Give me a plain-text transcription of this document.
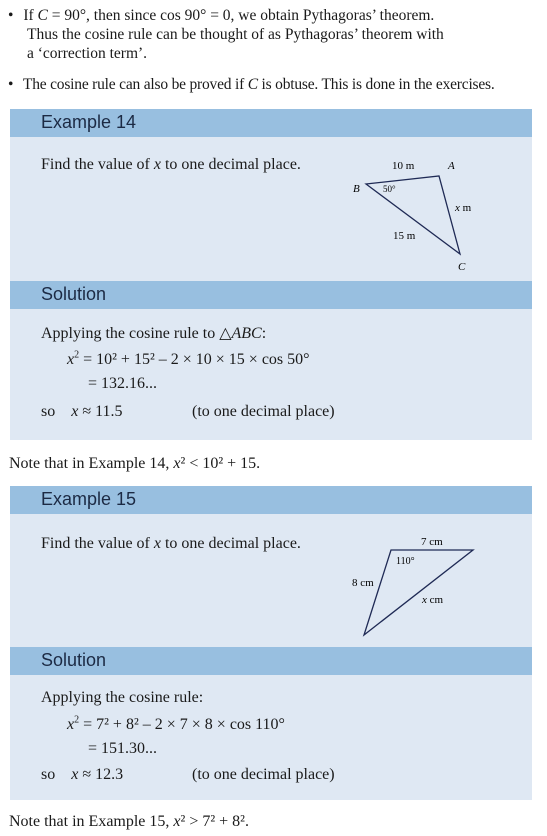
• If C = 90°, then since cos 90° = 0, we obtain Pythagoras’ theorem.
Thus the cosine rule can be thought of as Pythagoras’ theorem with
a ‘correction term’.
• The cosine rule can also be proved if C is obtuse. This is done in the exercises.
Example 14
Find the value of x to one decimal place.	10 m	A
B	50°
x m
15 m
C
Solution
Applying the cosine rule to △ABC:
$x^2 = 10^2 + 15^2 - 2 \times 10 \times 15 \times \cos 50^\circ$
= 132.16...
so x ≈ 11.5	(to one decimal place)
Note that in Example 14, x² < 10² + 15.
Example 15
Find the value of x to one decimal place.	7 cm
110°
8 cm
x cm
Solution
Applying the cosine rule:
$x^2 = 7^2 + 8^2 - 2 \times 7 \times 8 \times \cos 110^\circ$
= 151.30...
so x ≈ 12.3	(to one decimal place)
Note that in Example 15, x² > 7² + 8².
